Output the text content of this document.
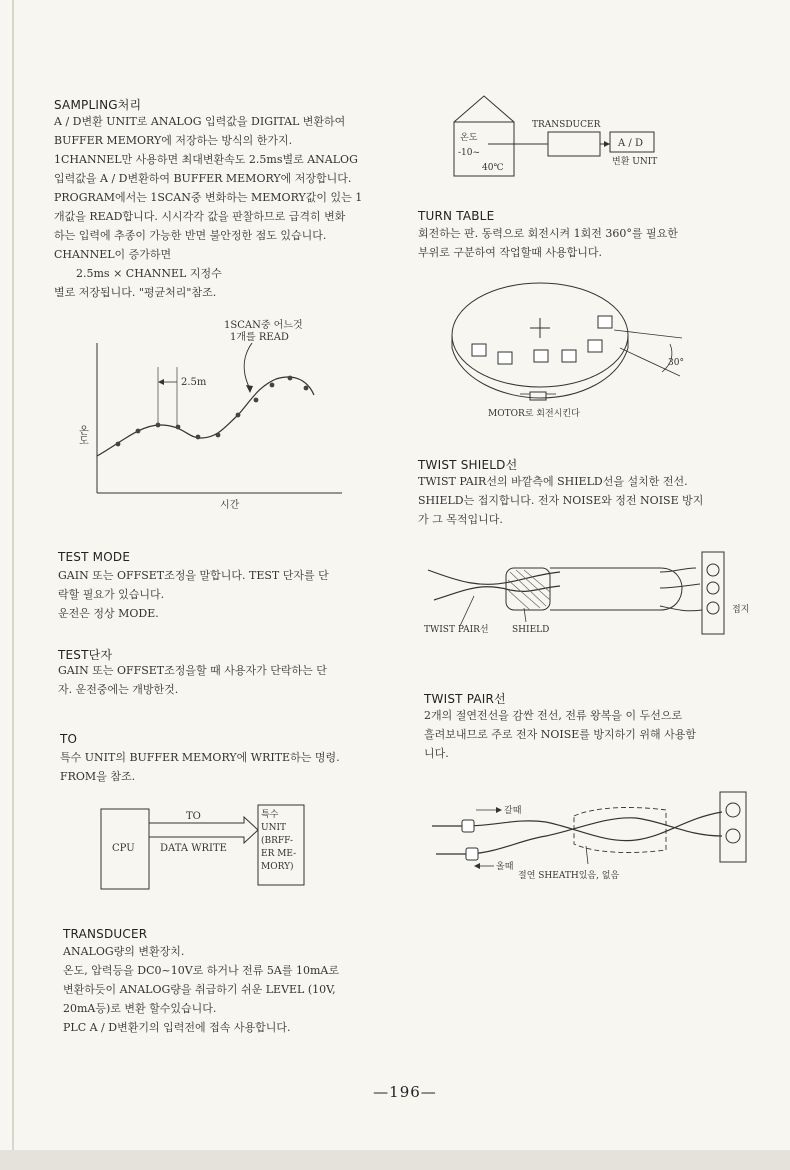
SAMPLING처리
A / D변환 UNIT로 ANALOG 입력값을 DIGITAL 변환하여
BUFFER MEMORY에 저장하는 방식의 한가지.
1CHANNEL만 사용하면 최대변환속도 2.5ms별로 ANALOG
입력값을 A / D변환하여 BUFFER MEMORY에 저장합니다.
PROGRAM에서는 1SCAN중 변화하는 MEMORY값이 있는 1
개값을 READ합니다. 시시각각 값을 판찰하므로 급격히 변화
하는 입력에 추종이 가능한 반면 불안정한 점도 있습니다.
CHANNEL이 증가하면
2.5ms × CHANNEL 지정수
별로 저장됩니다. "평균처리"참조.
1SCAN중 어느것
1개를 READ
2.5m
온도
시간
TEST MODE
GAIN 또는 OFFSET조정을 말합니다. TEST 단자를 단
락할 필요가 있습니다.
운전은 정상 MODE.
TEST단자
GAIN 또는 OFFSET조정을할 때 사용자가 단락하는 단
자. 운전중에는 개방한것.
TO
특수 UNIT의 BUFFER MEMORY에 WRITE하는 명령.
FROM을 참조.
CPU
특수
UNIT
(BRFF-
ER ME-
MORY)
TO
DATA WRITE
TRANSDUCER
ANALOG량의 변환장치.
온도, 압력등을 DC0~10V로 하거나 전류 5A를 10mA로
변환하듯이 ANALOG량을 취급하기 쉬운 LEVEL (10V,
20mA등)로 변환 할수있습니다.
PLC A / D변환기의 입력전에 접속 사용합니다.
온도
-10~
40℃
TRANSDUCER
A / D
변환 UNIT
TURN TABLE
회전하는 판. 동력으로 회전시켜 1회전 360°를 필요한
부위로 구분하여 작업할때 사용합니다.
30°
MOTOR로 회전시킨다
TWIST SHIELD선
TWIST PAIR선의 바깥측에 SHIELD선을 설치한 전선.
SHIELD는 접지합니다. 전자 NOISE와 정전 NOISE 방지
가 그 목적입니다.
접지
TWIST PAIR선	SHIELD
TWIST PAIR선
2개의 절연전선을 감싼 전선, 전류 왕복을 이 두선으로
흘려보내므로 주로 전자 NOISE를 방지하기 위해 사용함
니다.
갈때
올때
절연 SHEATH있음, 없음
—196—
